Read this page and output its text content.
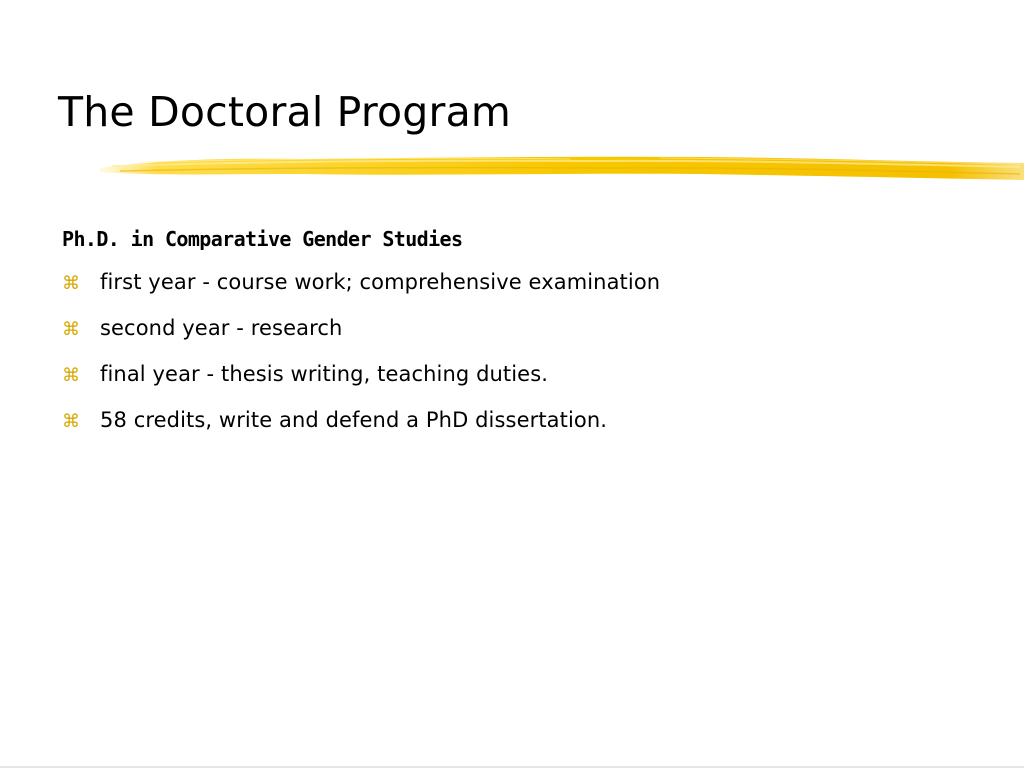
The Doctoral Program

Ph.D. in Comparative Gender Studies

⌘ first year - course work; comprehensive examination
⌘ second year - research
⌘ final year - thesis writing, teaching duties.
⌘ 58 credits, write and defend a PhD dissertation.
